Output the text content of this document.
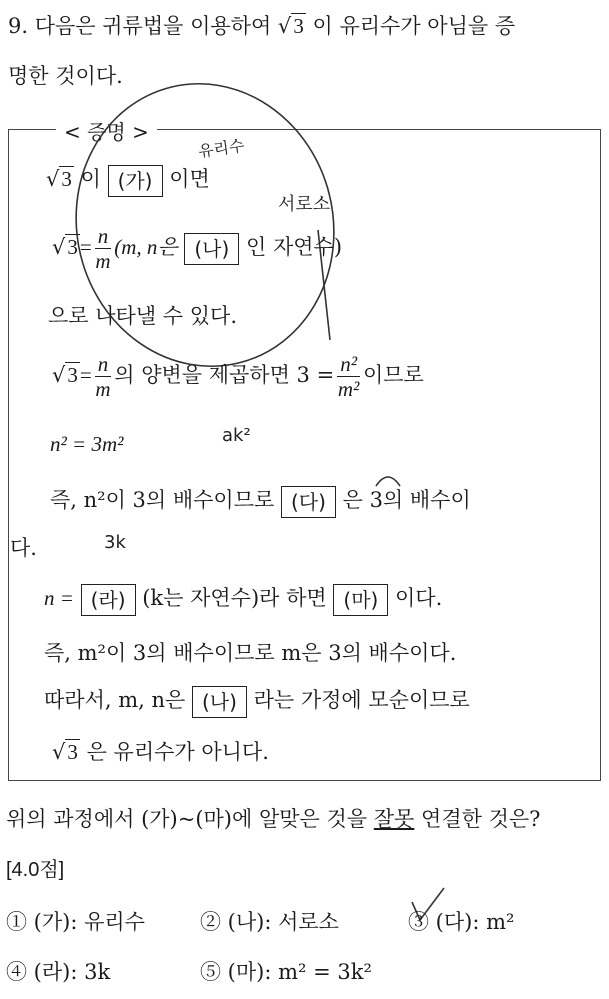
9. 다음은 귀류법을 이용하여 √3 이 유리수가 아님을 증
명한 것이다.
< 증명 >
유리수
서로소
ak²
3k
√3 이 (가) 이면
$√3= \frac{n}{m} (m$, n은 (나) 인 자연수)
으로 나타낼 수 있다.
$√3= \frac{n}{m}$ 의 양변을 제곱하면 $3 = \frac{\text{n²}}{\text{m²}}$ 이므로
n² = 3m²
즉, n²이 3의 배수이므로 (다) 은 3의 배수이
다.
n = (라) (k는 자연수)라 하면 (마) 이다.
즉, m²이 3의 배수이므로 m은 3의 배수이다.
따라서, m, n은 (나) 라는 가정에 모순이므로
√3 은 유리수가 아니다.
위의 과정에서 (가)~(마)에 알맞은 것을 잘못 연결한 것은?
[4.0점]
① (가): 유리수	② (나): 서로소	③ (다): m²
④ (라): 3k	⑤ (마): m² = 3k²
